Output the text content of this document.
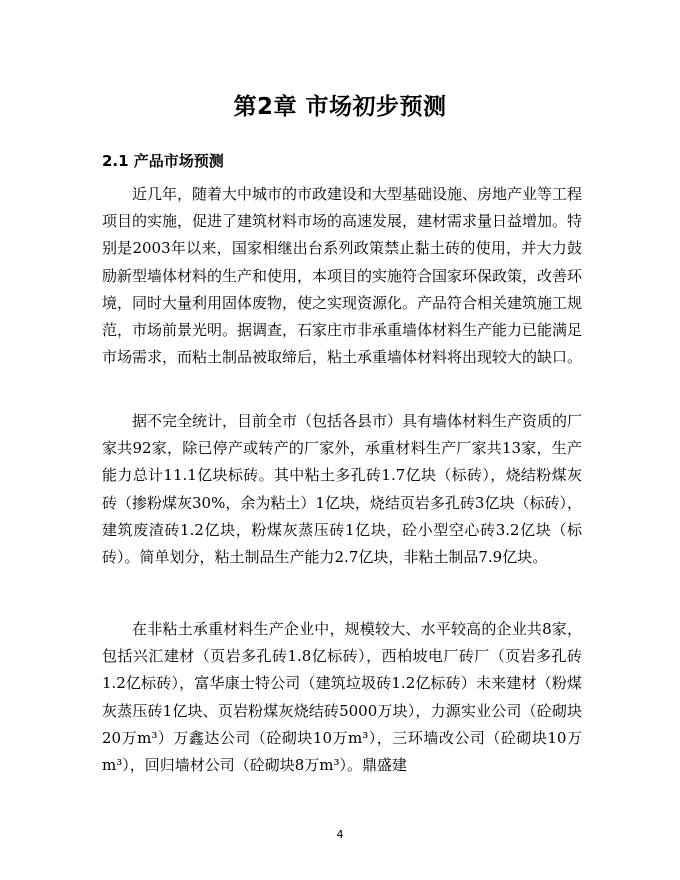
第2章 市场初步预测
2.1 产品市场预测

近几年，随着大中城市的市政建设和大型基础设施、房地产业等工程项目的实施，促进了建筑材料市场的高速发展，建材需求量日益增加。特别是2003年以来，国家相继出台系列政策禁止黏土砖的使用，并大力鼓励新型墙体材料的生产和使用，本项目的实施符合国家环保政策，改善环境，同时大量利用固体废物，使之实现资源化。产品符合相关建筑施工规范，市场前景光明。据调查，石家庄市非承重墙体材料生产能力已能满足市场需求，而粘土制品被取缔后，粘土承重墙体材料将出现较大的缺口。

据不完全统计，目前全市（包括各县市）具有墙体材料生产资质的厂家共92家，除已停产或转产的厂家外，承重材料生产厂家共13家，生产能力总计11.1亿块标砖。其中粘土多孔砖1.7亿块（标砖），烧结粉煤灰砖（掺粉煤灰30%，余为粘土）1亿块，烧结页岩多孔砖3亿块（标砖），建筑废渣砖1.2亿块，粉煤灰蒸压砖1亿块，砼小型空心砖3.2亿块（标砖）。简单划分，粘土制品生产能力2.7亿块，非粘土制品7.9亿块。

在非粘土承重材料生产企业中，规模较大、水平较高的企业共8家，包括兴汇建材（页岩多孔砖1.8亿标砖），西柏坡电厂砖厂（页岩多孔砖1.2亿标砖），富华康士特公司（建筑垃圾砖1.2亿标砖）未来建材（粉煤灰蒸压砖1亿块、页岩粉煤灰烧结砖5000万块），力源实业公司（砼砌块20万m³）万鑫达公司（砼砌块10万m³），三环墙改公司（砼砌块10万m³），回归墙材公司（砼砌块8万m³）。鼎盛建

4
